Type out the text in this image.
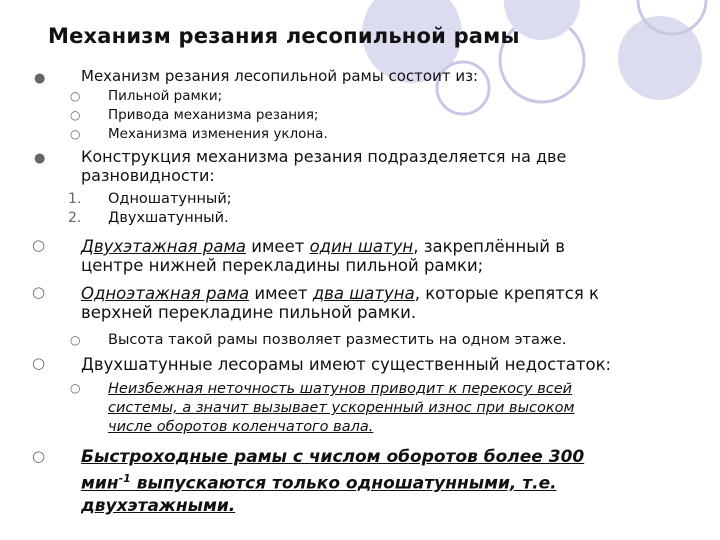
Механизм резания лесопильной рамы
● Механизм резания лесопильной рамы состоит из:
○ Пильной рамки;
○ Привода механизма резания;
○ Механизма изменения уклона.
● Конструкция механизма резания подразделяется на две
разновидности:
1. Одношатунный;
2. Двухшатунный.
○ Двухэтажная рама имеет один шатун, закреплённый в
центре нижней перекладины пильной рамки;
○ Одноэтажная рама имеет два шатуна, которые крепятся к
верхней перекладине пильной рамки.
○ Высота такой рамы позволяет разместить на одном этаже.
○ Двухшатунные лесорамы имеют существенный недостаток:
○ Неизбежная неточность шатунов приводит к перекосу всей
системы, а значит вызывает ускоренный износ при высоком
числе оборотов коленчатого вала.
○ Быстроходные рамы с числом оборотов более 300
мин$^{-1}$ выпускаются только одношатунными, т.е.
двухэтажными.
